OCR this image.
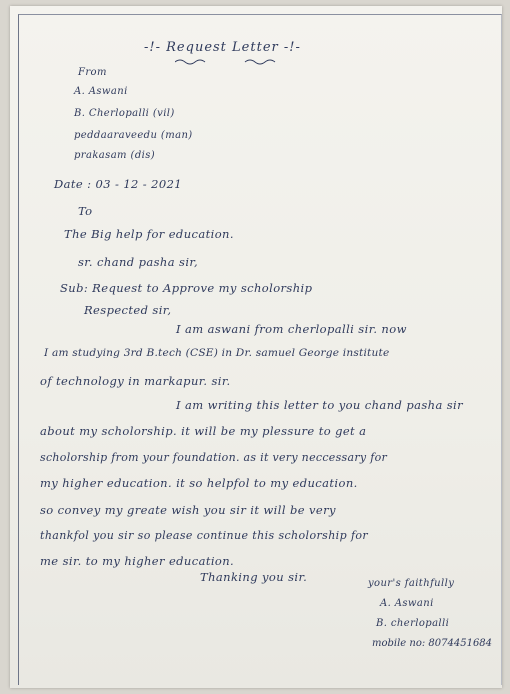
-!- Request Letter -!-
From
A. Aswani
B. Cherlopalli (vil)
peddaaraveedu (man)
prakasam (dis)
Date : 03 - 12 - 2021
To
The Big help for education.
sr. chand pasha sir,
Sub: Request to Approve my scholorship
Respected sir,
I am aswani from cherlopalli sir. now
I am studying 3rd B.tech (CSE) in Dr. samuel George institute
of technology in markapur. sir.
I am writing this letter to you chand pasha sir
about my scholorship. it will be my plessure to get a
scholorship from your foundation. as it very neccessary for
my higher education. it so helpfol to my education.
so convey my greate wish you sir it will be very
thankfol you sir so please continue this scholorship for
me sir. to my higher education.
Thanking you sir.	your's faithfully
A. Aswani
B. cherlopalli
mobile no: 8074451684
